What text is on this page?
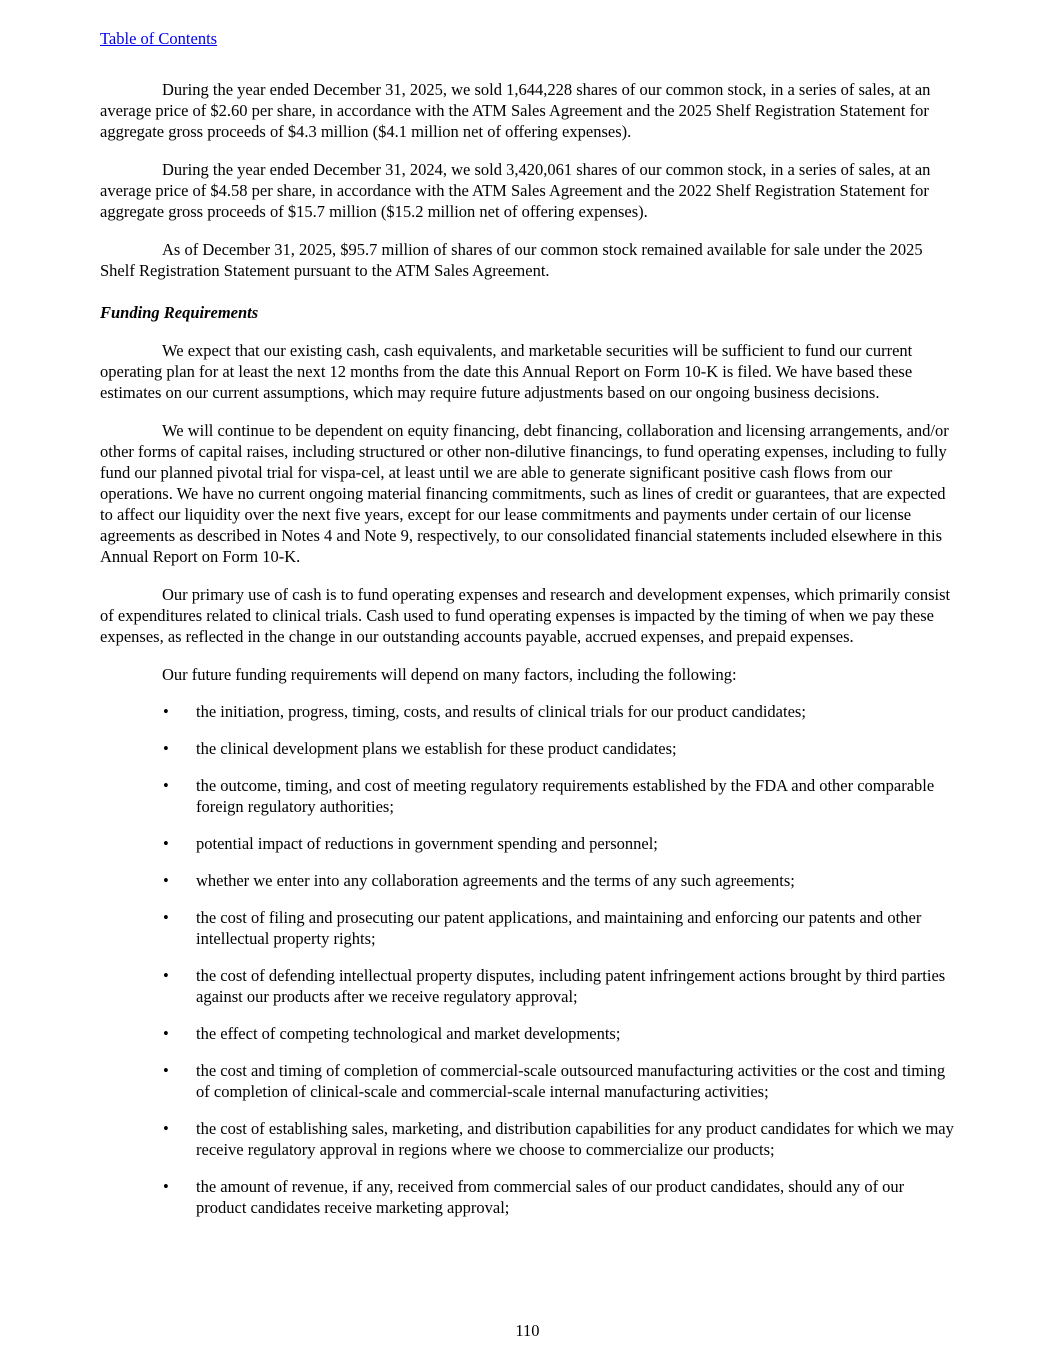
Table of Contents

During the year ended December 31, 2025, we sold 1,644,228 shares of our common stock, in a series of sales, at an average price of $2.60 per share, in accordance with the ATM Sales Agreement and the 2025 Shelf Registration Statement for aggregate gross proceeds of $4.3 million ($4.1 million net of offering expenses).

During the year ended December 31, 2024, we sold 3,420,061 shares of our common stock, in a series of sales, at an average price of $4.58 per share, in accordance with the ATM Sales Agreement and the 2022 Shelf Registration Statement for aggregate gross proceeds of $15.7 million ($15.2 million net of offering expenses).

As of December 31, 2025, $95.7 million of shares of our common stock remained available for sale under the 2025 Shelf Registration Statement pursuant to the ATM Sales Agreement.

Funding Requirements

We expect that our existing cash, cash equivalents, and marketable securities will be sufficient to fund our current operating plan for at least the next 12 months from the date this Annual Report on Form 10-K is filed. We have based these estimates on our current assumptions, which may require future adjustments based on our ongoing business decisions.

We will continue to be dependent on equity financing, debt financing, collaboration and licensing arrangements, and/or other forms of capital raises, including structured or other non-dilutive financings, to fund operating expenses, including to fully fund our planned pivotal trial for vispa-cel, at least until we are able to generate significant positive cash flows from our operations. We have no current ongoing material financing commitments, such as lines of credit or guarantees, that are expected to affect our liquidity over the next five years, except for our lease commitments and payments under certain of our license agreements as described in Notes 4 and Note 9, respectively, to our consolidated financial statements included elsewhere in this Annual Report on Form 10-K.

Our primary use of cash is to fund operating expenses and research and development expenses, which primarily consist of expenditures related to clinical trials. Cash used to fund operating expenses is impacted by the timing of when we pay these expenses, as reflected in the change in our outstanding accounts payable, accrued expenses, and prepaid expenses.

Our future funding requirements will depend on many factors, including the following:

• the initiation, progress, timing, costs, and results of clinical trials for our product candidates;
• the clinical development plans we establish for these product candidates;
• the outcome, timing, and cost of meeting regulatory requirements established by the FDA and other comparable foreign regulatory authorities;
• potential impact of reductions in government spending and personnel;
• whether we enter into any collaboration agreements and the terms of any such agreements;
• the cost of filing and prosecuting our patent applications, and maintaining and enforcing our patents and other intellectual property rights;
• the cost of defending intellectual property disputes, including patent infringement actions brought by third parties against our products after we receive regulatory approval;
• the effect of competing technological and market developments;
• the cost and timing of completion of commercial-scale outsourced manufacturing activities or the cost and timing of completion of clinical-scale and commercial-scale internal manufacturing activities;
• the cost of establishing sales, marketing, and distribution capabilities for any product candidates for which we may receive regulatory approval in regions where we choose to commercialize our products;
• the amount of revenue, if any, received from commercial sales of our product candidates, should any of our product candidates receive marketing approval;
110
